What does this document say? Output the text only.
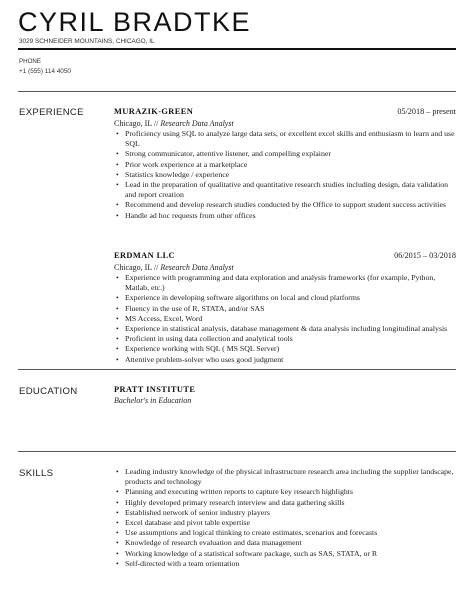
CYRIL BRADTKE
3029 SCHNEIDER MOUNTAINS, CHICAGO, IL
PHONE
+1 (555) 114 4050
EXPERIENCE	MURAZIK-GREEN	05/2018 – present
Chicago, IL // Research Data Analyst
• Proficiency using SQL to analyze large data sets, or excellent excel skills and enthusiasm to learn and use SQL
• Strong communicator, attentive listener, and compelling explainer
• Prior work experience at a marketplace
• Statistics knowledge / experience
• Lead in the preparation of qualitative and quantitative research studies including design, data validation and report creation
• Recommend and develop research studies conducted by the Office to support student success activities
• Handle ad hoc requests from other offices
ERDMAN LLC	06/2015 – 03/2018
Chicago, IL // Research Data Analyst
• Experience with programming and data exploration and analysis frameworks (for example, Python, Matlab, etc.)
• Experience in developing software algorithms on local and cloud platforms
• Fluency in the use of R, STATA, and/or SAS
• MS Access, Excel, Word
• Experience in statistical analysis, database management & data analysis including longitudinal analysis
• Proficient in using data collection and analytical tools
• Experience working with SQL ( MS SQL Server)
• Attentive problem-solver who uses good judgment
EDUCATION	PRATT INSTITUTE
Bachelor's in Education
SKILLS
•	Leading industry knowledge of the physical infrastructure research area including the supplier landscape, products and technology
• Planning and executing written reports to capture key research highlights
• Highly developed primary research interview and data gathering skills
• Established network of senior industry players
• Excel database and pivot table expertise
• Use assumptions and logical thinking to create estimates, scenarios and forecasts
• Knowledge of research evaluation and data management
• Working knowledge of a statistical software package, such as SAS, STATA, or R
• Self-directed with a team orientation
